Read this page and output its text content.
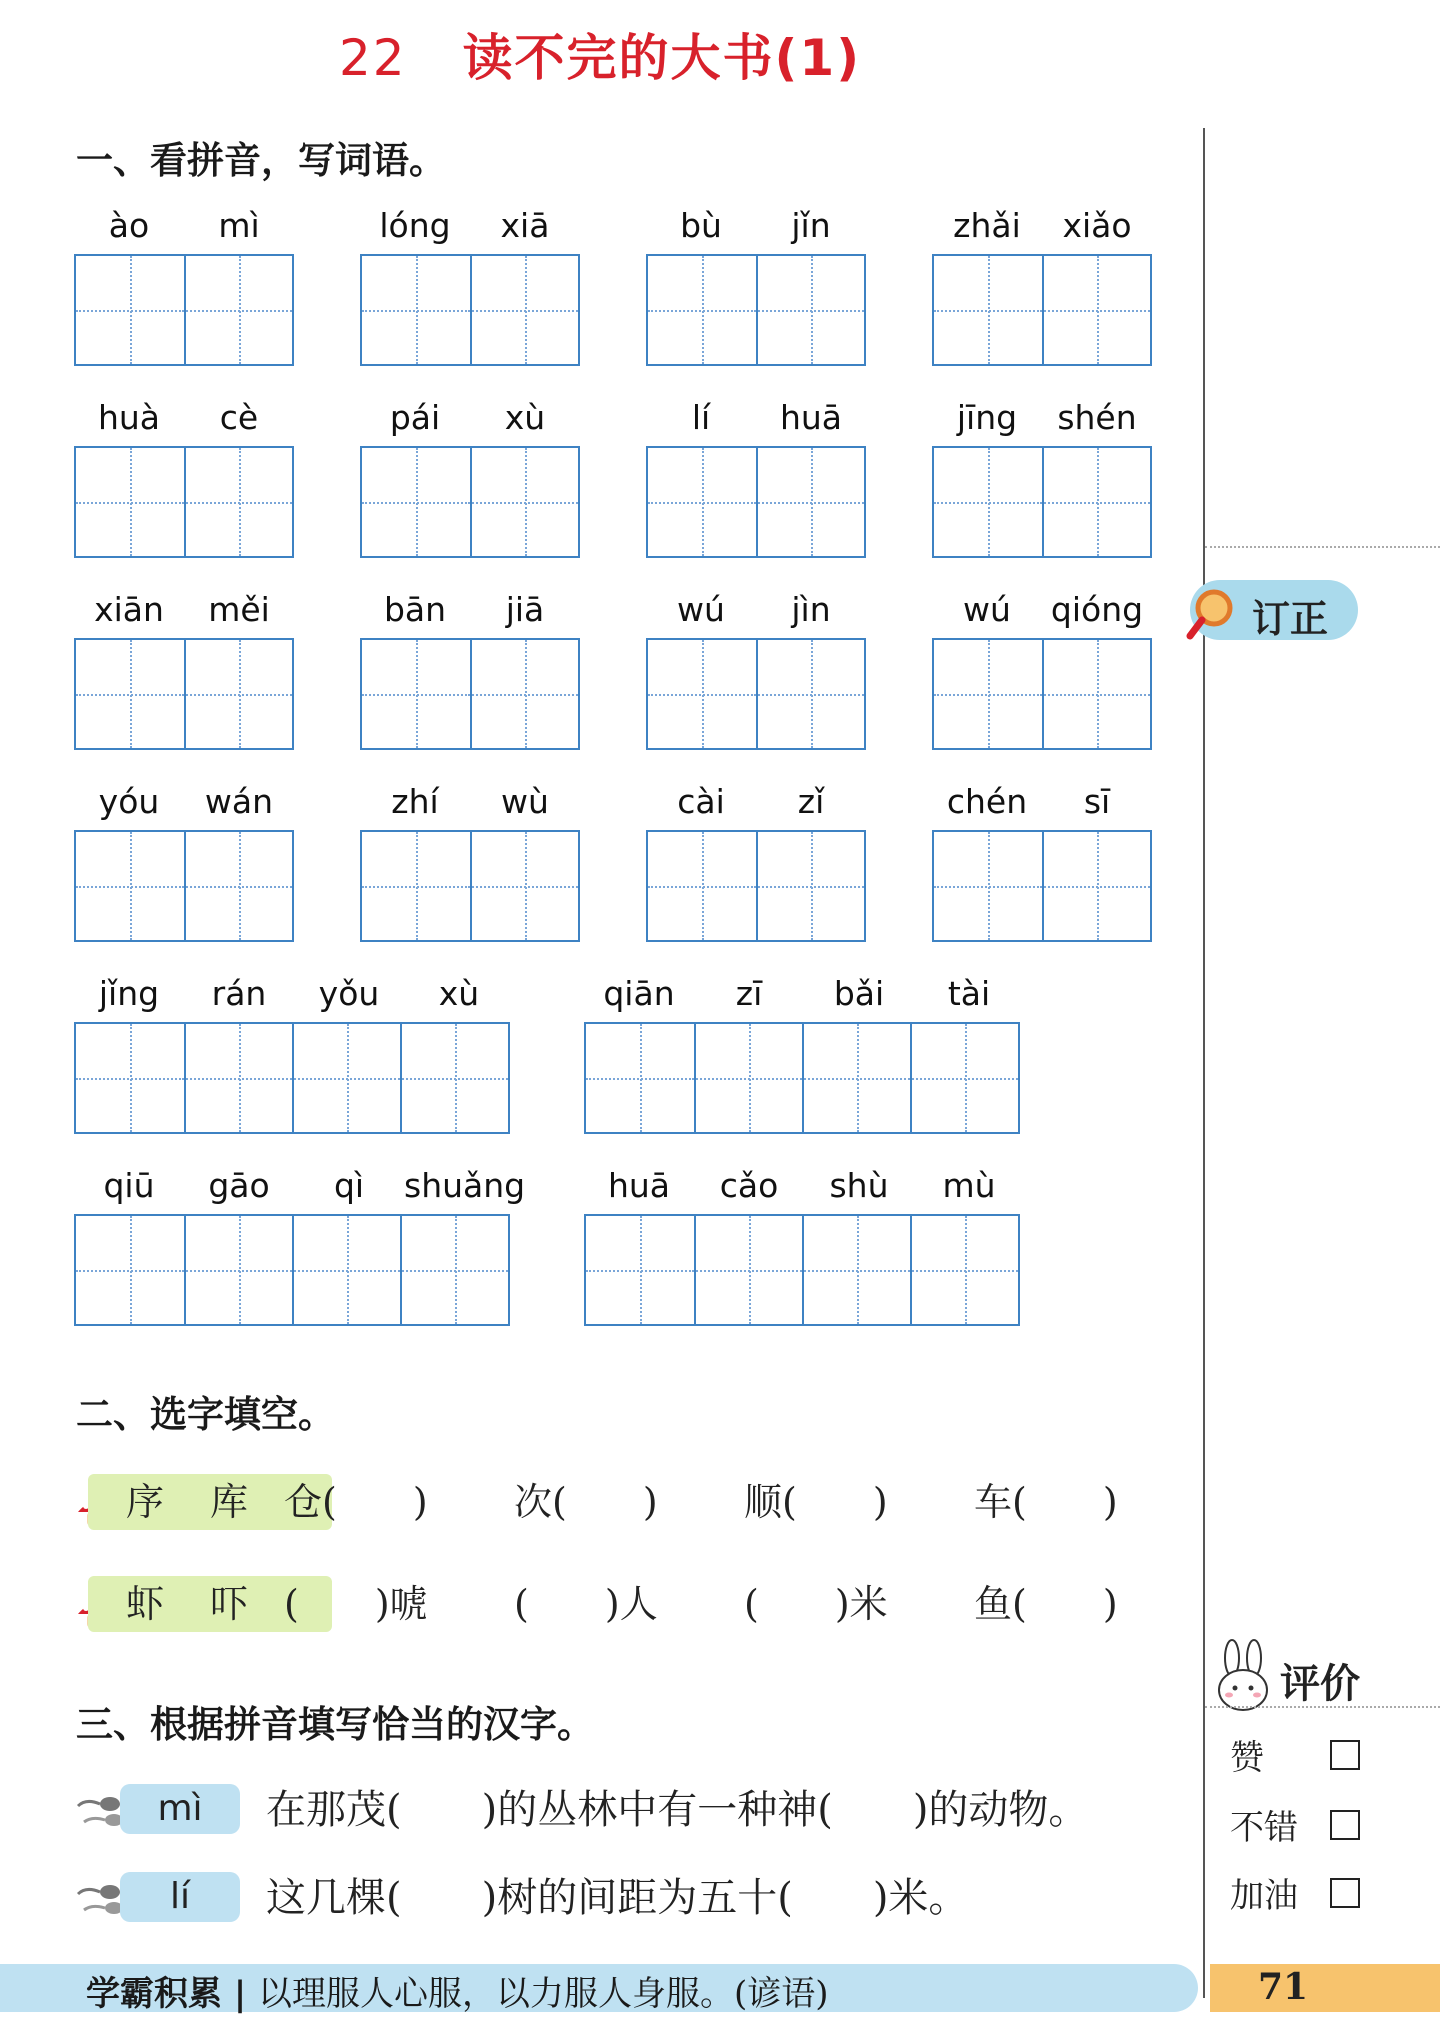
22 读不完的大书(1)
一、看拼音，写词语。
ào	mì	lóng	xiā	bù	jǐn	zhǎi	xiǎo
huà	cè	pái	xù	lí	huā	jīng	shén
xiān	měi	bān	jiā	wú	jìn	wú	qióng
yóu	wán	zhí	wù	cài	zǐ	chén	sī
jǐng	rán	yǒu	xù	qiān	zī	bǎi	tài
qiū	gāo	qì	shuǎng	huā	cǎo	shù	mù
二、选字填空。
序 库 仓(　　) 次(　　) 顺(　　) 车(　　)
虾 吓 (　　)唬 (　　)人 (　　)米 鱼(　　)
三、根据拼音填写恰当的汉字。
mì	在那茂(　　)的丛林中有一种神(　　)的动物。
lí	这几棵(　　)树的间距为五十(　　)米。
订正
评价
赞
不错
加油
学霸积累 | 以理服人心服，以力服人身服。(谚语)	71
